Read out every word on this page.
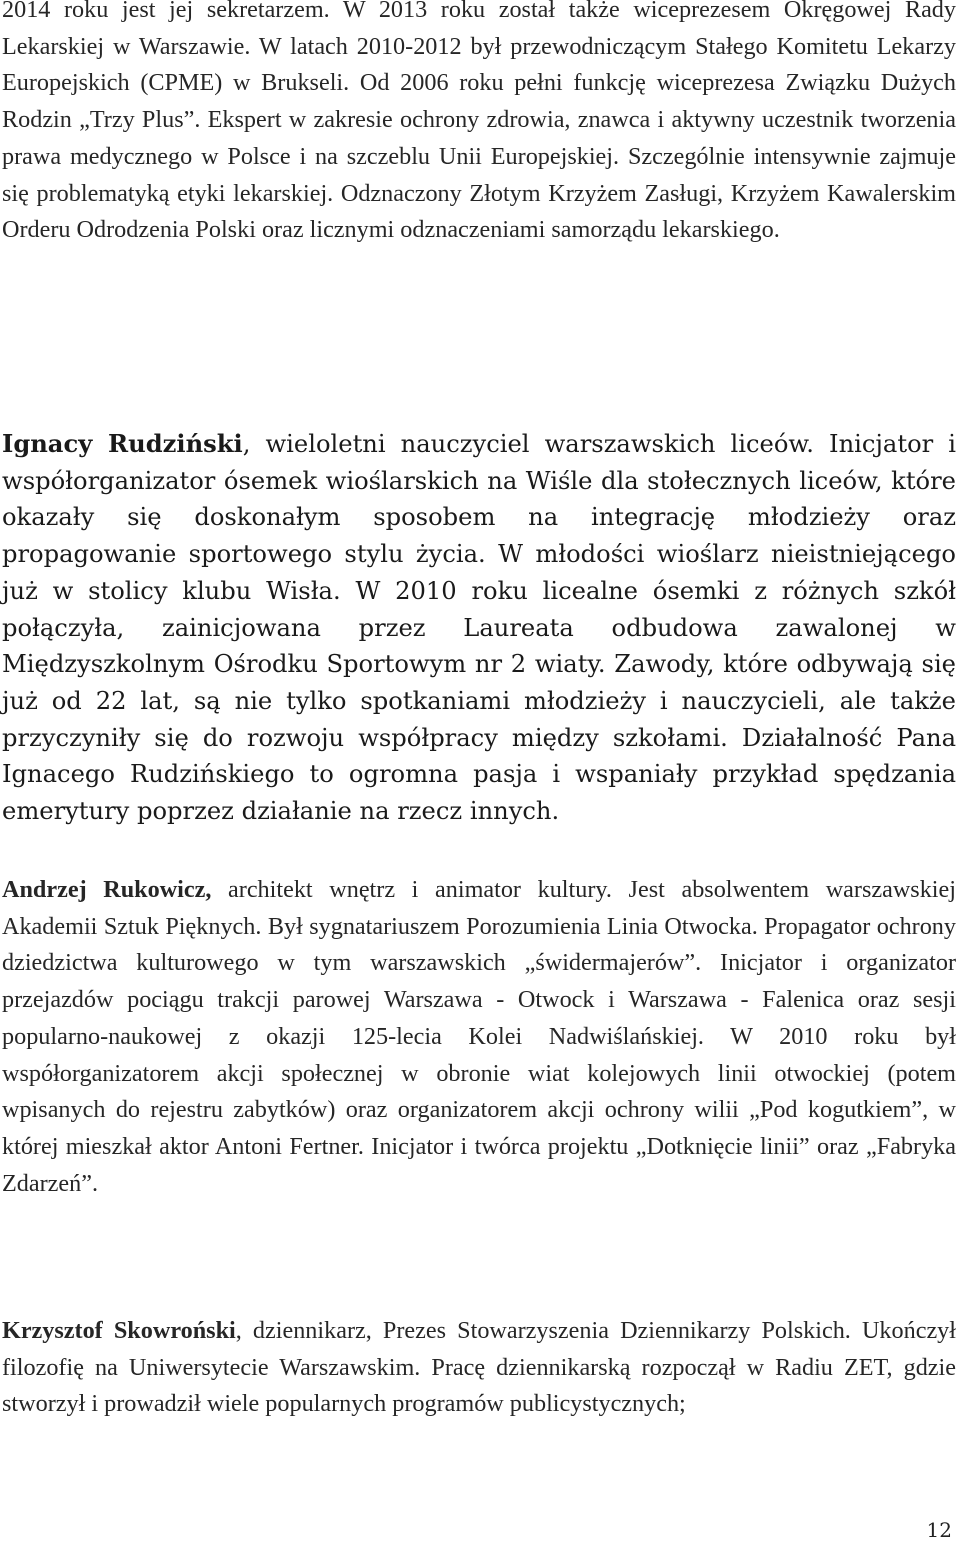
2014 roku jest jej sekretarzem. W 2013 roku został także wiceprezesem Okręgowej Rady Lekarskiej w Warszawie. W latach 2010-2012 był przewodniczącym Stałego Komitetu Lekarzy Europejskich (CPME) w Brukseli. Od 2006 roku pełni funkcję wiceprezesa Związku Dużych Rodzin „Trzy Plus”. Ekspert w zakresie ochrony zdrowia, znawca i aktywny uczestnik tworzenia prawa medycznego w Polsce i na szczeblu Unii Europejskiej. Szczególnie intensywnie zajmuje się problematyką etyki lekarskiej. Odznaczony Złotym Krzyżem Zasługi, Krzyżem Kawalerskim Orderu Odrodzenia Polski oraz licznymi odznaczeniami samorządu lekarskiego.

Ignacy Rudziński, wieloletni nauczyciel warszawskich liceów. Inicjator i współorganizator ósemek wioślarskich na Wiśle dla stołecznych liceów, które okazały się doskonałym sposobem na integrację młodzieży oraz propagowanie sportowego stylu życia. W młodości wioślarz nieistniejącego już w stolicy klubu Wisła. W 2010 roku licealne ósemki z różnych szkół połączyła, zainicjowana przez Laureata odbudowa zawalonej w Międzyszkolnym Ośrodku Sportowym nr 2 wiaty. Zawody, które odbywają się już od 22 lat, są nie tylko spotkaniami młodzieży i nauczycieli, ale także przyczyniły się do rozwoju współpracy między szkołami. Działalność Pana Ignacego Rudzińskiego to ogromna pasja i wspaniały przykład spędzania emerytury poprzez działanie na rzecz innych.

Andrzej Rukowicz, architekt wnętrz i animator kultury. Jest absolwentem warszawskiej Akademii Sztuk Pięknych. Był sygnatariuszem Porozumienia Linia Otwocka. Propagator ochrony dziedzictwa kulturowego w tym warszawskich „świdermajerów”. Inicjator i organizator przejazdów pociągu trakcji parowej Warszawa - Otwock i Warszawa - Falenica oraz sesji popularno-naukowej z okazji 125-lecia Kolei Nadwiślańskiej. W 2010 roku był współorganizatorem akcji społecznej w obronie wiat kolejowych linii otwockiej (potem wpisanych do rejestru zabytków) oraz organizatorem akcji ochrony wilii „Pod kogutkiem”, w której mieszkał aktor Antoni Fertner. Inicjator i twórca projektu „Dotknięcie linii” oraz „Fabryka Zdarzeń”.

Krzysztof Skowroński, dziennikarz, Prezes Stowarzyszenia Dziennikarzy Polskich. Ukończył filozofię na Uniwersytecie Warszawskim. Pracę dziennikarską rozpoczął w Radiu ZET, gdzie stworzył i prowadził wiele popularnych programów publicystycznych;

12
